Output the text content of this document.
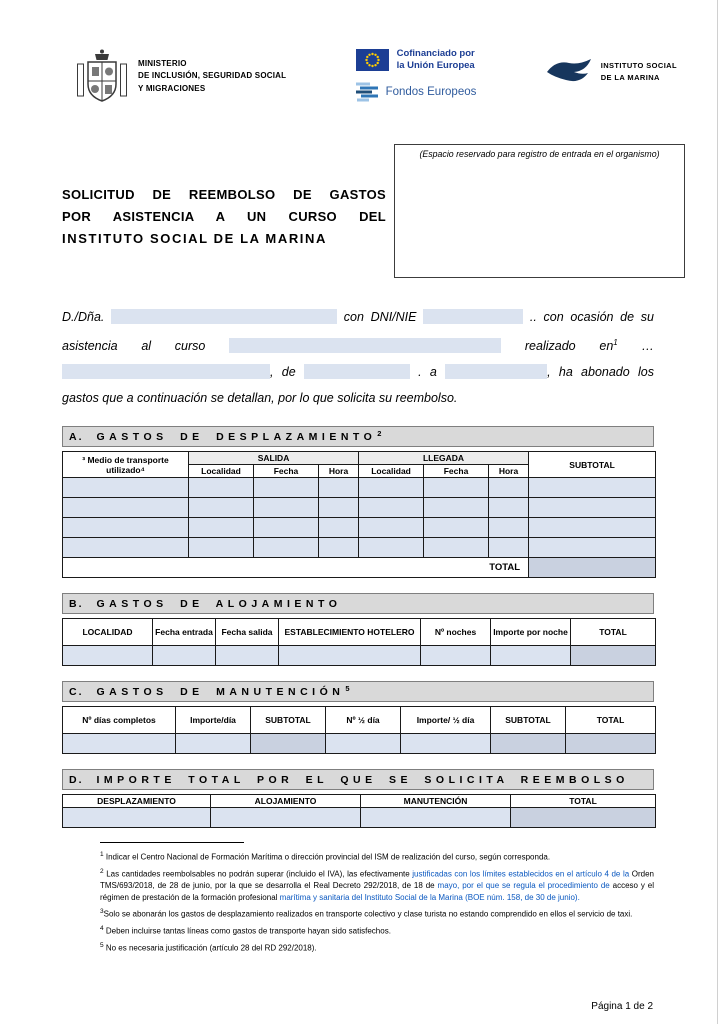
MINISTERIO
DE INCLUSIÓN, SEGURIDAD SOCIAL
Y MIGRACIONES
Cofinanciado por
la Unión Europea
Fondos Europeos
INSTITUTO SOCIAL
DE LA MARINA
SOLICITUD DE REEMBOLSO DE GASTOS
POR ASISTENCIA A UN CURSO DEL
INSTITUTO SOCIAL DE LA MARINA
(Espacio reservado para registro de entrada en el organismo)

D./Dña.	con DNI/NIE	.. con ocasión de su asistencia al curso	realizado $en^1$ … , de	. a	, ha abonado los gastos que a continuación se detallan, por lo que solicita su reembolso.

A. GASTOS DE DESPLAZAMIENTO$^2$
³ Medio de transporte utilizado⁴	SALIDA			LLEGADA			SUBTOTAL
	Localidad	Fecha	Hora	Localidad	Fecha	Hora	

TOTAL							
B. GASTOS DE ALOJAMIENTO
LOCALIDAD	Fecha entrada	Fecha salida	ESTABLECIMIENTO HOTELERO	Nº noches	Importe por noche	TOTAL

C. GASTOS DE MANUTENCIÓN$^5$
Nº días completos	Importe/día	SUBTOTAL	Nº ½ día	Importe/ ½ día	SUBTOTAL	TOTAL

D. IMPORTE TOTAL POR EL QUE SE SOLICITA REEMBOLSO
DESPLAZAMIENTO	ALOJAMIENTO	MANUTENCIÓN	TOTAL

$^1$ Indicar el Centro Nacional de Formación Marítima o dirección provincial del ISM de realización del curso, según corresponda.

$^2$ Las cantidades reembolsables no podrán superar (incluido el IVA), las efectivamente justificadas con los límites establecidos en el artículo 4 de la Orden TMS/693/2018, de 28 de junio, por la que se desarrolla el Real Decreto 292/2018, de 18 de mayo, por el que se regula el procedimiento de acceso y el régimen de prestación de la formación profesional marítima y sanitaria del Instituto Social de la Marina (BOE núm. 158, de 30 de junio).

$^3$Solo se abonarán los gastos de desplazamiento realizados en transporte colectivo y clase turista no estando comprendido en ellos el servicio de taxi.

$^4$ Deben incluirse tantas líneas como gastos de transporte hayan sido satisfechos.

$^5$ No es necesaria justificación (artículo 28 del RD 292/2018).

Página 1 de 2
